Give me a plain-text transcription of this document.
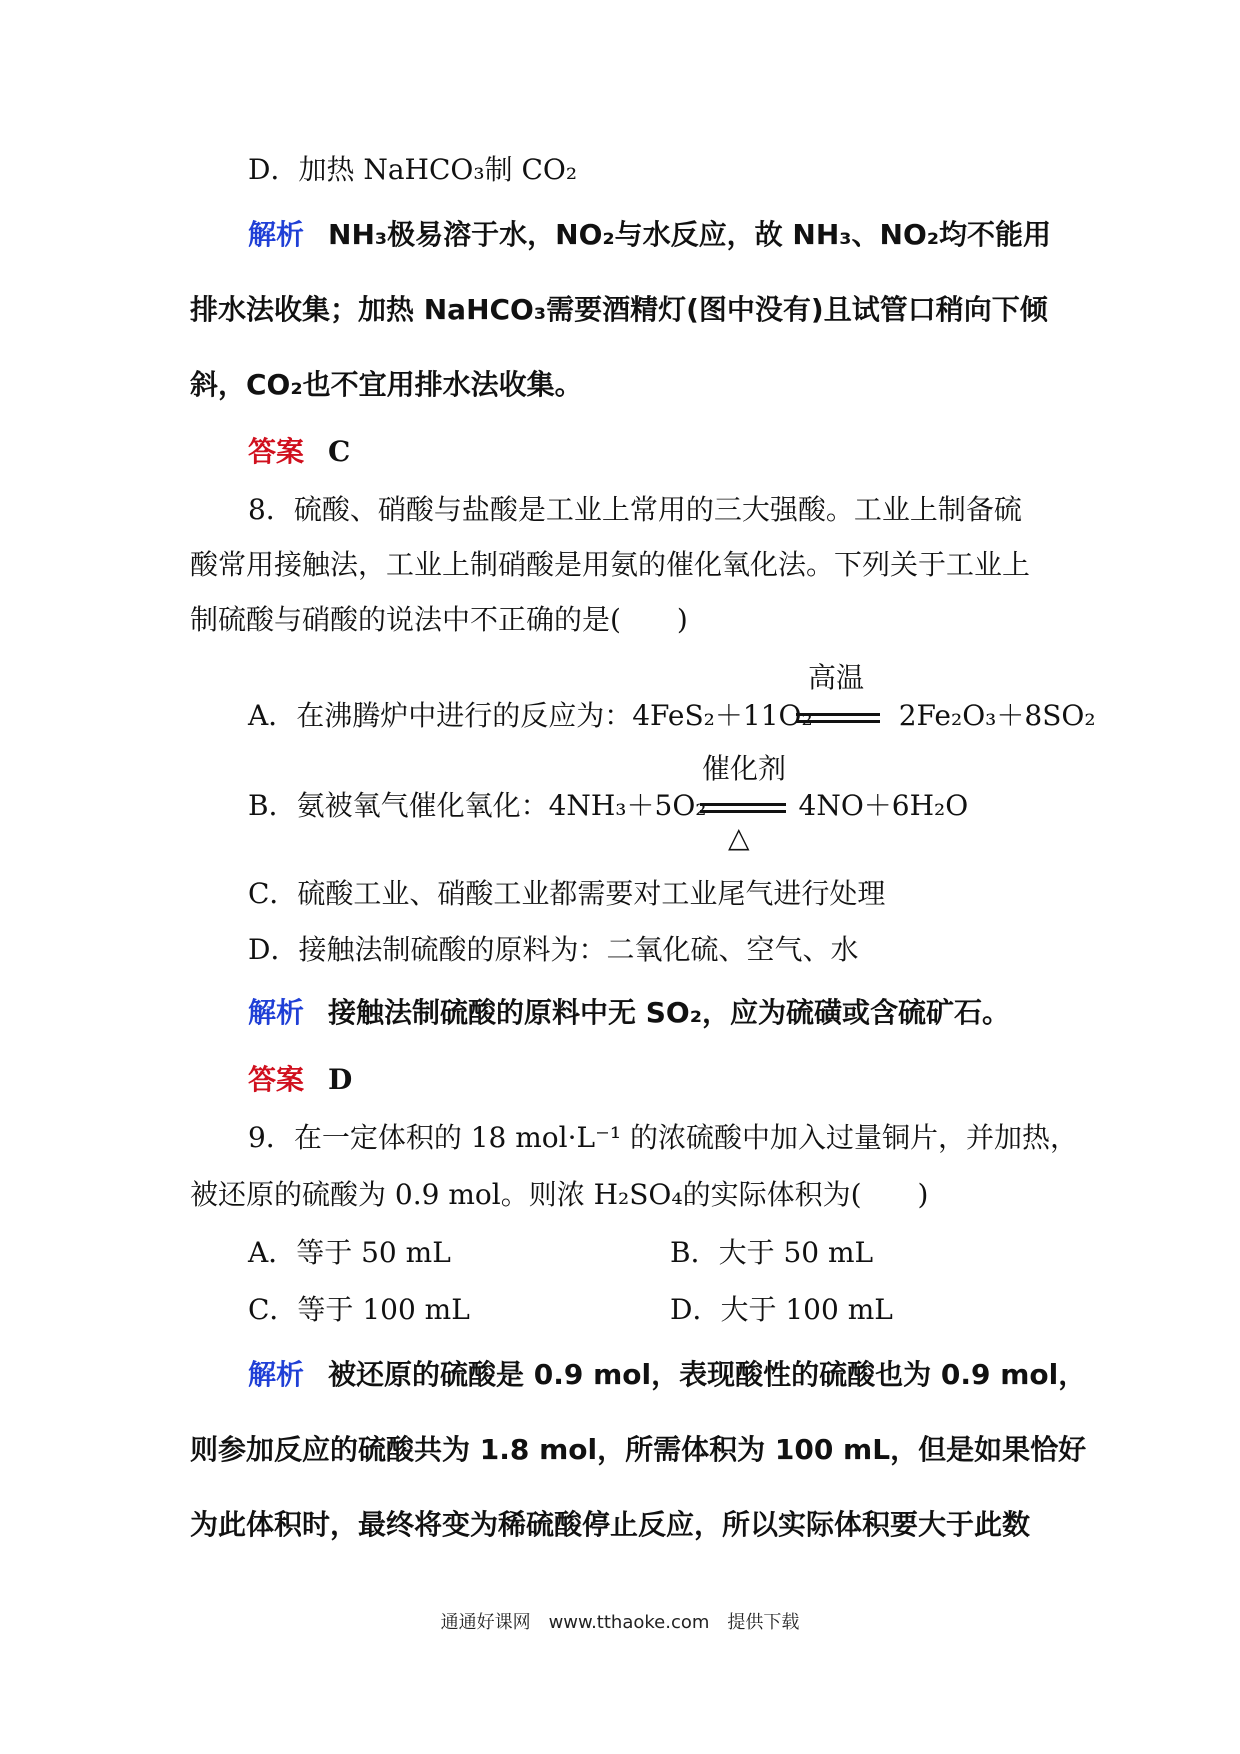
D．加热 NaHCO₃制 CO₂
解析 NH₃极易溶于水，NO₂与水反应，故 NH₃、NO₂均不能用
排水法收集；加热 NaHCO₃需要酒精灯(图中没有)且试管口稍向下倾
斜，CO₂也不宜用排水法收集。
答案 C
8．硫酸、硝酸与盐酸是工业上常用的三大强酸。工业上制备硫
酸常用接触法，工业上制硝酸是用氨的催化氧化法。下列关于工业上
制硫酸与硝酸的说法中不正确的是(　　)
高温
A．在沸腾炉中进行的反应为：4FeS₂＋11O₂	2Fe₂O₃＋8SO₂
催化剂
B．氨被氧气催化氧化：4NH₃＋5O₂	4NO＋6H₂O
△
C．硫酸工业、硝酸工业都需要对工业尾气进行处理
D．接触法制硫酸的原料为：二氧化硫、空气、水
解析 接触法制硫酸的原料中无 SO₂，应为硫磺或含硫矿石。
答案 D
9．在一定体积的 18 mol·L⁻¹ 的浓硫酸中加入过量铜片，并加热，
被还原的硫酸为 0.9 mol。则浓 H₂SO₄的实际体积为(　　)
A．等于 50 mL	B．大于 50 mL
C．等于 100 mL	D．大于 100 mL
解析 被还原的硫酸是 0.9 mol，表现酸性的硫酸也为 0.9 mol，
则参加反应的硫酸共为 1.8 mol，所需体积为 100 mL，但是如果恰好
为此体积时，最终将变为稀硫酸停止反应，所以实际体积要大于此数
通通好课网　www.tthaoke.com　提供下载
